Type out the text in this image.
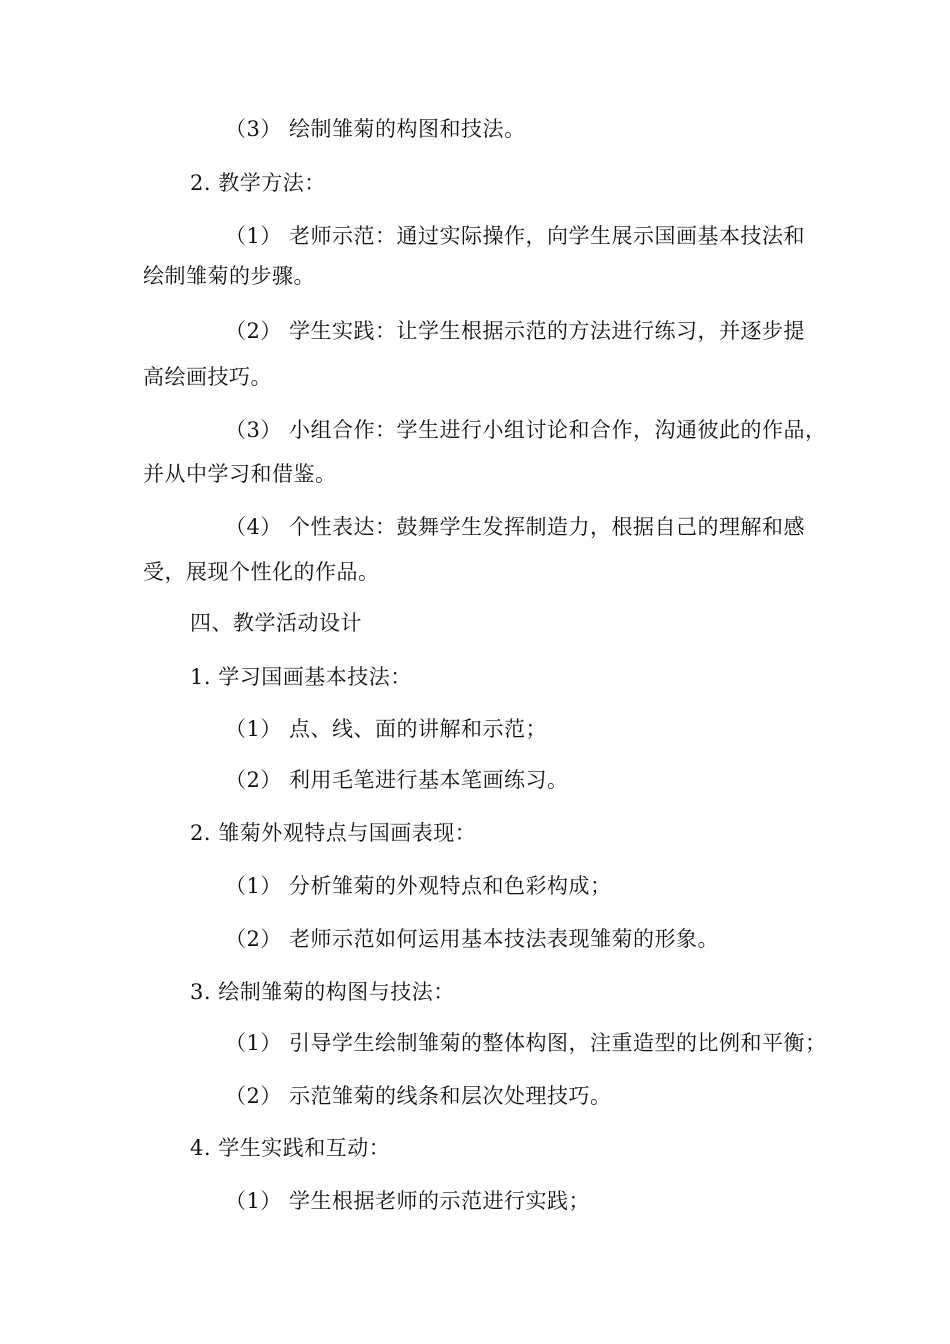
（3） 绘制雏菊的构图和技法。
2. 教学方法：
（1） 老师示范：通过实际操作，向学生展示国画基本技法和
绘制雏菊的步骤。
（2） 学生实践：让学生根据示范的方法进行练习，并逐步提
高绘画技巧。
（3） 小组合作：学生进行小组讨论和合作，沟通彼此的作品，
并从中学习和借鉴。
（4） 个性表达：鼓舞学生发挥制造力，根据自己的理解和感
受，展现个性化的作品。
四、教学活动设计
1. 学习国画基本技法：
（1） 点、线、面的讲解和示范；
（2） 利用毛笔进行基本笔画练习。
2. 雏菊外观特点与国画表现：
（1） 分析雏菊的外观特点和色彩构成；
（2） 老师示范如何运用基本技法表现雏菊的形象。
3. 绘制雏菊的构图与技法：
（1） 引导学生绘制雏菊的整体构图，注重造型的比例和平衡；
（2） 示范雏菊的线条和层次处理技巧。
4. 学生实践和互动：
（1） 学生根据老师的示范进行实践；
